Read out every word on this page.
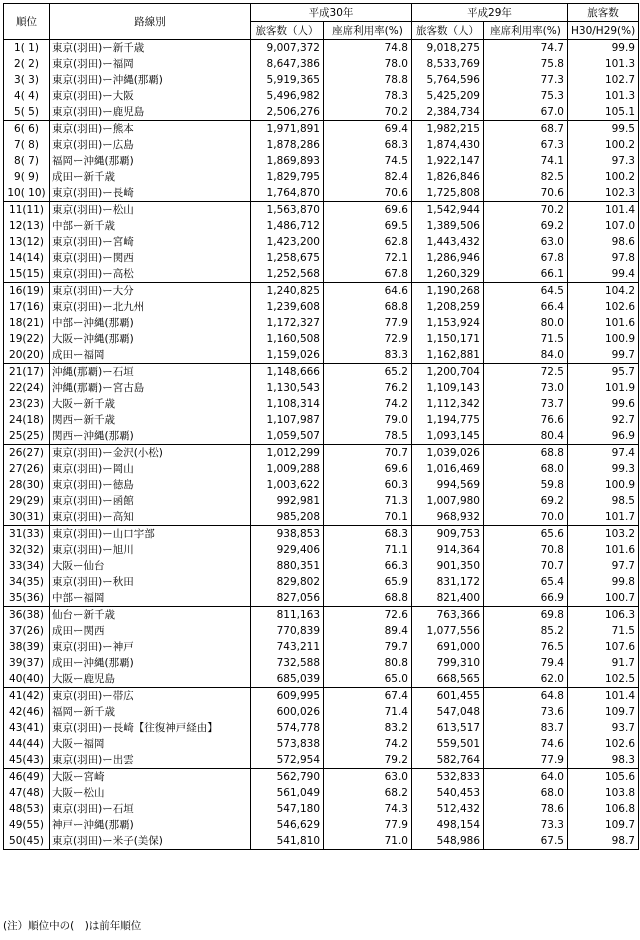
順位	路線別	平成30年		平成29年		旅客数
		旅客数（人）	座席利用率(%)	旅客数（人）	座席利用率(%)	H30/H29(%)
1( 1)	東京(羽田)ー新千歳	9,007,372	74.8	9,018,275	74.7	99.9
2( 2)	東京(羽田)ー福岡	8,647,386	78.0	8,533,769	75.8	101.3
3( 3)	東京(羽田)ー沖縄(那覇)	5,919,365	78.8	5,764,596	77.3	102.7
4( 4)	東京(羽田)ー大阪	5,496,982	78.3	5,425,209	75.3	101.3
5( 5)	東京(羽田)ー鹿児島	2,506,276	70.2	2,384,734	67.0	105.1
6( 6)	東京(羽田)ー熊本	1,971,891	69.4	1,982,215	68.7	99.5
7( 8)	東京(羽田)ー広島	1,878,286	68.3	1,874,430	67.3	100.2
8( 7)	福岡ー沖縄(那覇)	1,869,893	74.5	1,922,147	74.1	97.3
9( 9)	成田ー新千歳	1,829,795	82.4	1,826,846	82.5	100.2
10( 10)	東京(羽田)ー長崎	1,764,870	70.6	1,725,808	70.6	102.3
11(11)	東京(羽田)ー松山	1,563,870	69.6	1,542,944	70.2	101.4
12(13)	中部ー新千歳	1,486,712	69.5	1,389,506	69.2	107.0
13(12)	東京(羽田)ー宮崎	1,423,200	62.8	1,443,432	63.0	98.6
14(14)	東京(羽田)ー関西	1,258,675	72.1	1,286,946	67.8	97.8
15(15)	東京(羽田)ー高松	1,252,568	67.8	1,260,329	66.1	99.4
16(19)	東京(羽田)ー大分	1,240,825	64.6	1,190,268	64.5	104.2
17(16)	東京(羽田)ー北九州	1,239,608	68.8	1,208,259	66.4	102.6
18(21)	中部ー沖縄(那覇)	1,172,327	77.9	1,153,924	80.0	101.6
19(22)	大阪ー沖縄(那覇)	1,160,508	72.9	1,150,171	71.5	100.9
20(20)	成田ー福岡	1,159,026	83.3	1,162,881	84.0	99.7
21(17)	沖縄(那覇)ー石垣	1,148,666	65.2	1,200,704	72.5	95.7
22(24)	沖縄(那覇)ー宮古島	1,130,543	76.2	1,109,143	73.0	101.9
23(23)	大阪ー新千歳	1,108,314	74.2	1,112,342	73.7	99.6
24(18)	関西ー新千歳	1,107,987	79.0	1,194,775	76.6	92.7
25(25)	関西ー沖縄(那覇)	1,059,507	78.5	1,093,145	80.4	96.9
26(27)	東京(羽田)ー金沢(小松)	1,012,299	70.7	1,039,026	68.8	97.4
27(26)	東京(羽田)ー岡山	1,009,288	69.6	1,016,469	68.0	99.3
28(30)	東京(羽田)ー徳島	1,003,622	60.3	994,569	59.8	100.9
29(29)	東京(羽田)ー函館	992,981	71.3	1,007,980	69.2	98.5
30(31)	東京(羽田)ー高知	985,208	70.1	968,932	70.0	101.7
31(33)	東京(羽田)ー山口宇部	938,853	68.3	909,753	65.6	103.2
32(32)	東京(羽田)ー旭川	929,406	71.1	914,364	70.8	101.6
33(34)	大阪ー仙台	880,351	66.3	901,350	70.7	97.7
34(35)	東京(羽田)ー秋田	829,802	65.9	831,172	65.4	99.8
35(36)	中部ー福岡	827,056	68.8	821,400	66.9	100.7
36(38)	仙台ー新千歳	811,163	72.6	763,366	69.8	106.3
37(26)	成田ー関西	770,839	89.4	1,077,556	85.2	71.5
38(39)	東京(羽田)ー神戸	743,211	79.7	691,000	76.5	107.6
39(37)	成田ー沖縄(那覇)	732,588	80.8	799,310	79.4	91.7
40(40)	大阪ー鹿児島	685,039	65.0	668,565	62.0	102.5
41(42)	東京(羽田)ー帯広	609,995	67.4	601,455	64.8	101.4
42(46)	福岡ー新千歳	600,026	71.4	547,048	73.6	109.7
43(41)	東京(羽田)ー長崎【往復神戸経由】	574,778	83.2	613,517	83.7	93.7
44(44)	大阪ー福岡	573,838	74.2	559,501	74.6	102.6
45(43)	東京(羽田)ー出雲	572,954	79.2	582,764	77.9	98.3
46(49)	大阪ー宮崎	562,790	63.0	532,833	64.0	105.6
47(48)	大阪ー松山	561,049	68.2	540,453	68.0	103.8
48(53)	東京(羽田)ー石垣	547,180	74.3	512,432	78.6	106.8
49(55)	神戸ー沖縄(那覇)	546,629	77.9	498,154	73.3	109.7
50(45)	東京(羽田)ー米子(美保)	541,810	71.0	548,986	67.5	98.7
(注）順位中の(　)は前年順位
